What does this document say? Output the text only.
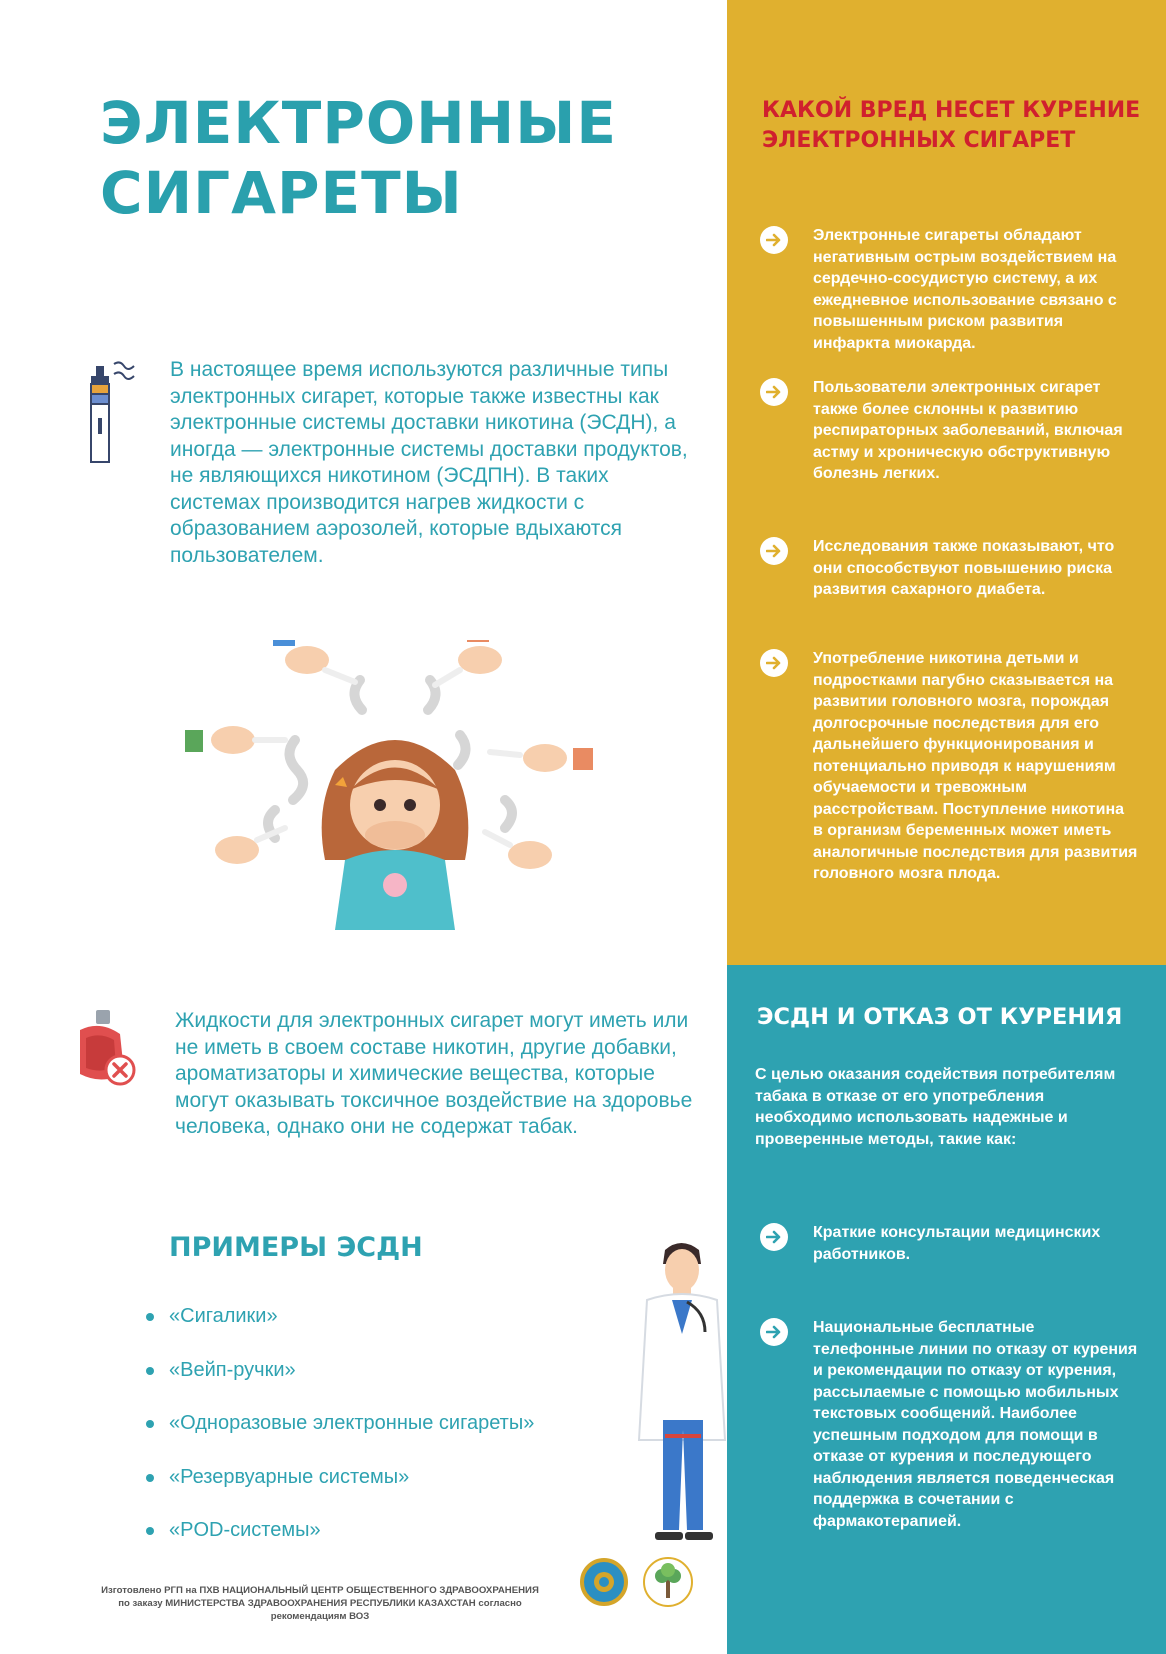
ЭЛЕКТРОННЫЕ
СИГАРЕТЫ
В настоящее время используются различные типы электронных сигарет, которые также известны как электронные системы доставки никотина (ЭСДН), а иногда — электронные системы доставки продуктов, не являющихся никотином (ЭСДПН). В таких системах производится нагрев жидкости с образованием аэрозолей, которые вдыхаются пользователем.
Жидкости для электронных сигарет могут иметь или не иметь в своем составе никотин, другие добавки, ароматизаторы и химические вещества, которые могут оказывать токсичное воздействие на здоровье человека, однако они не содержат табак.
ПРИМЕРЫ ЭСДН
«Сигалики»
«Вейп-ручки»
«Одноразовые электронные сигареты»
«Резервуарные системы»
«POD-системы»
КАКОЙ ВРЕД НЕСЕТ КУРЕНИЕ ЭЛЕКТРОННЫХ СИГАРЕТ
Электронные сигареты обладают негативным острым воздействием на сердечно-сосудистую систему, а их ежедневное использование связано с повышенным риском развития инфаркта миокарда.
Пользователи электронных сигарет также более склонны к развитию респираторных заболеваний, включая астму и хроническую обструктивную болезнь легких.
Исследования также показывают, что они способствуют повышению риска развития сахарного диабета.
Употребление никотина детьми и подростками пагубно сказывается на развитии головного мозга, порождая долгосрочные последствия для его дальнейшего функционирования и потенциально приводя к нарушениям обучаемости и тревожным расстройствам. Поступление никотина в организм беременных может иметь аналогичные последствия для развития головного мозга плода.
ЭСДН И ОТКАЗ ОТ КУРЕНИЯ
С целью оказания содействия потребителям табака в отказе от его употребления необходимо использовать надежные и проверенные методы, такие как:
Краткие консультации медицинских работников.
Национальные бесплатные телефонные линии по отказу от курения и рекомендации по отказу от курения, рассылаемые с помощью мобильных текстовых сообщений. Наиболее успешным подходом для помощи в отказе от курения и последующего наблюдения является поведенческая поддержка в сочетании с фармакотерапией.
Изготовлено РГП на ПХВ НАЦИОНАЛЬНЫЙ ЦЕНТР ОБЩЕСТВЕННОГО ЗДРАВООХРАНЕНИЯ
по заказу МИНИСТЕРСТВА ЗДРАВООХРАНЕНИЯ РЕСПУБЛИКИ КАЗАХСТАН согласно
рекомендациям ВОЗ
